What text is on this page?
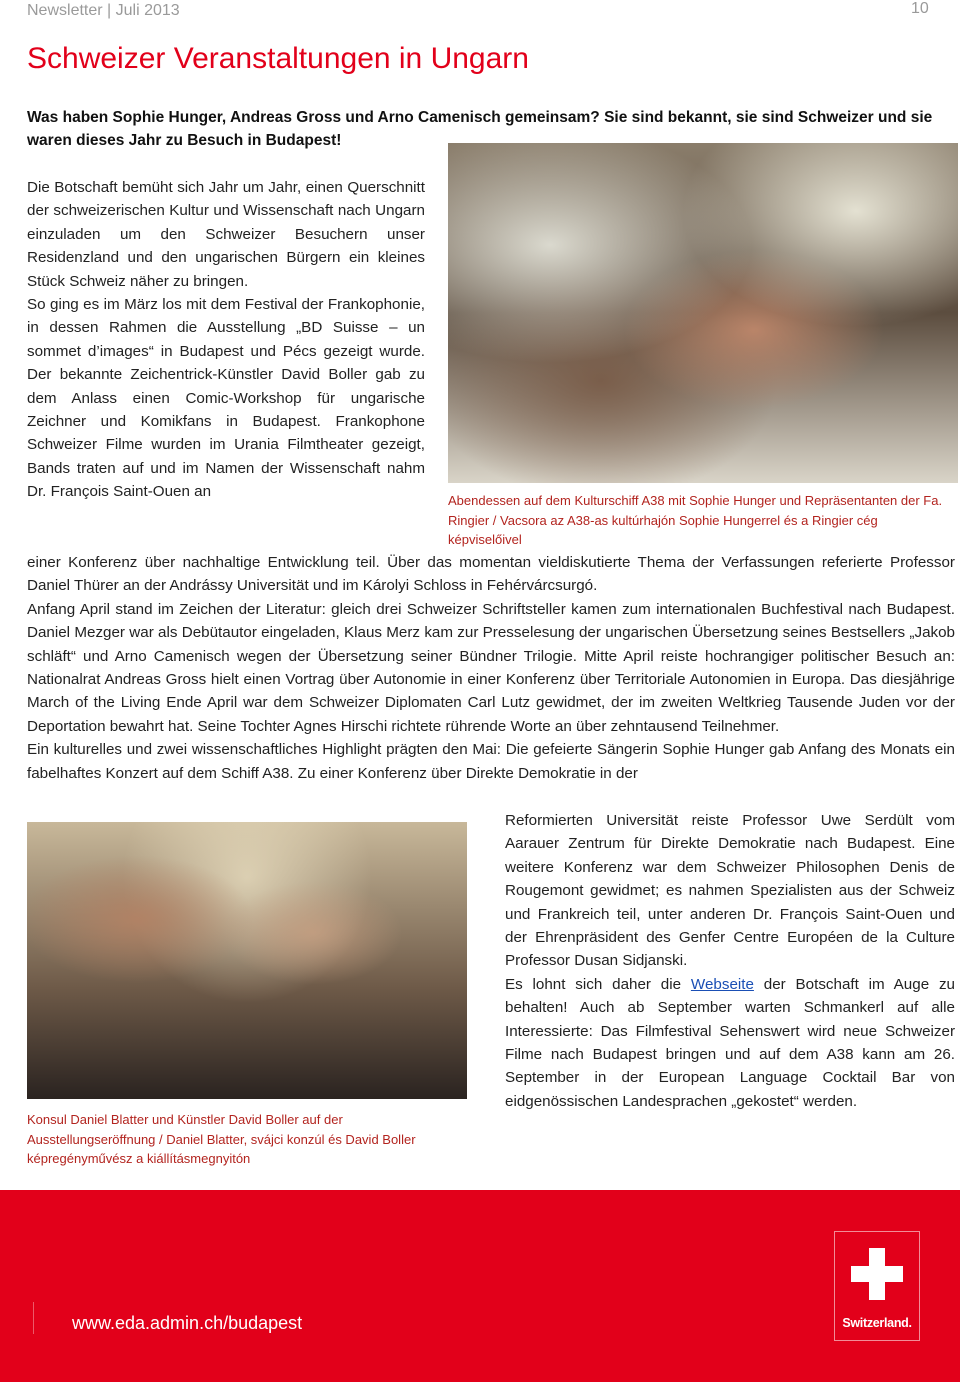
Newsletter | Juli 2013	10
Schweizer Veranstaltungen in Ungarn
Was haben Sophie Hunger, Andreas Gross und Arno Camenisch gemeinsam? Sie sind bekannt, sie sind Schweizer und sie waren dieses Jahr zu Besuch in Budapest!

Die Botschaft bemüht sich Jahr um Jahr, einen Querschnitt der schweizerischen Kultur und Wissenschaft nach Ungarn einzuladen um den Schweizer Besuchern unser Residenzland und den ungarischen Bürgern ein kleines Stück Schweiz näher zu bringen.

So ging es im März los mit dem Festival der Frankophonie, in dessen Rahmen die Ausstellung „BD Suisse – un sommet d’images“ in Budapest und Pécs gezeigt wurde. Der bekannte Zeichentrick-Künstler David Boller gab zu dem Anlass einen Comic-Workshop für ungarische Zeichner und Komikfans in Budapest. Frankophone Schweizer Filme wurden im Urania Filmtheater gezeigt, Bands traten auf und im Namen der Wissenschaft nahm Dr. François Saint-Ouen an

Abendessen auf dem Kulturschiff A38 mit Sophie Hunger und Repräsentanten der Fa. Ringier / Vacsora az A38-as kultúrhajón Sophie Hungerrel és a Ringier cég képviselőivel

einer Konferenz über nachhaltige Entwicklung teil. Über das momentan vieldiskutierte Thema der Verfassungen referierte Professor Daniel Thürer an der Andrássy Universität und im Károlyi Schloss in Fehérvárcsurgó.

Anfang April stand im Zeichen der Literatur: gleich drei Schweizer Schriftsteller kamen zum internationalen Buchfestival nach Budapest. Daniel Mezger war als Debütautor eingeladen, Klaus Merz kam zur Presselesung der ungarischen Übersetzung seines Bestsellers „Jakob schläft“ und Arno Camenisch wegen der Übersetzung seiner Bündner Trilogie. Mitte April reiste hochrangiger politischer Besuch an: Nationalrat Andreas Gross hielt einen Vortrag über Autonomie in einer Konferenz über Territoriale Autonomien in Europa. Das diesjährige March of the Living Ende April war dem Schweizer Diplomaten Carl Lutz gewidmet, der im zweiten Weltkrieg Tausende Juden vor der Deportation bewahrt hat. Seine Tochter Agnes Hirschi richtete rührende Worte an über zehntausend Teilnehmer.

Ein kulturelles und zwei wissenschaftliches Highlight prägten den Mai: Die gefeierte Sängerin Sophie Hunger gab Anfang des Monats ein fabelhaftes Konzert auf dem Schiff A38. Zu einer Konferenz über Direkte Demokratie in der

Konsul Daniel Blatter und Künstler David Boller auf der Ausstellungseröffnung / Daniel Blatter, svájci konzúl és David Boller képregényművész a kiállításmegnyitón

Reformierten Universität reiste Professor Uwe Serdült vom Aarauer Zentrum für Direkte Demokratie nach Budapest. Eine weitere Konferenz war dem Schweizer Philosophen Denis de Rougemont gewidmet; es nahmen Spezialisten aus der Schweiz und Frankreich teil, unter anderen Dr. François Saint-Ouen und der Ehrenpräsident des Genfer Centre Européen de la Culture Professor Dusan Sidjanski.

Es lohnt sich daher die Webseite der Botschaft im Auge zu behalten! Auch ab September warten Schmankerl auf alle Interessierte: Das Filmfestival Sehenswert wird neue Schweizer Filme nach Budapest bringen und auf dem A38 kann am 26. September in der European Language Cocktail Bar von eidgenössischen Landesprachen „gekostet“ werden.

www.eda.admin.ch/budapest	Switzerland.
